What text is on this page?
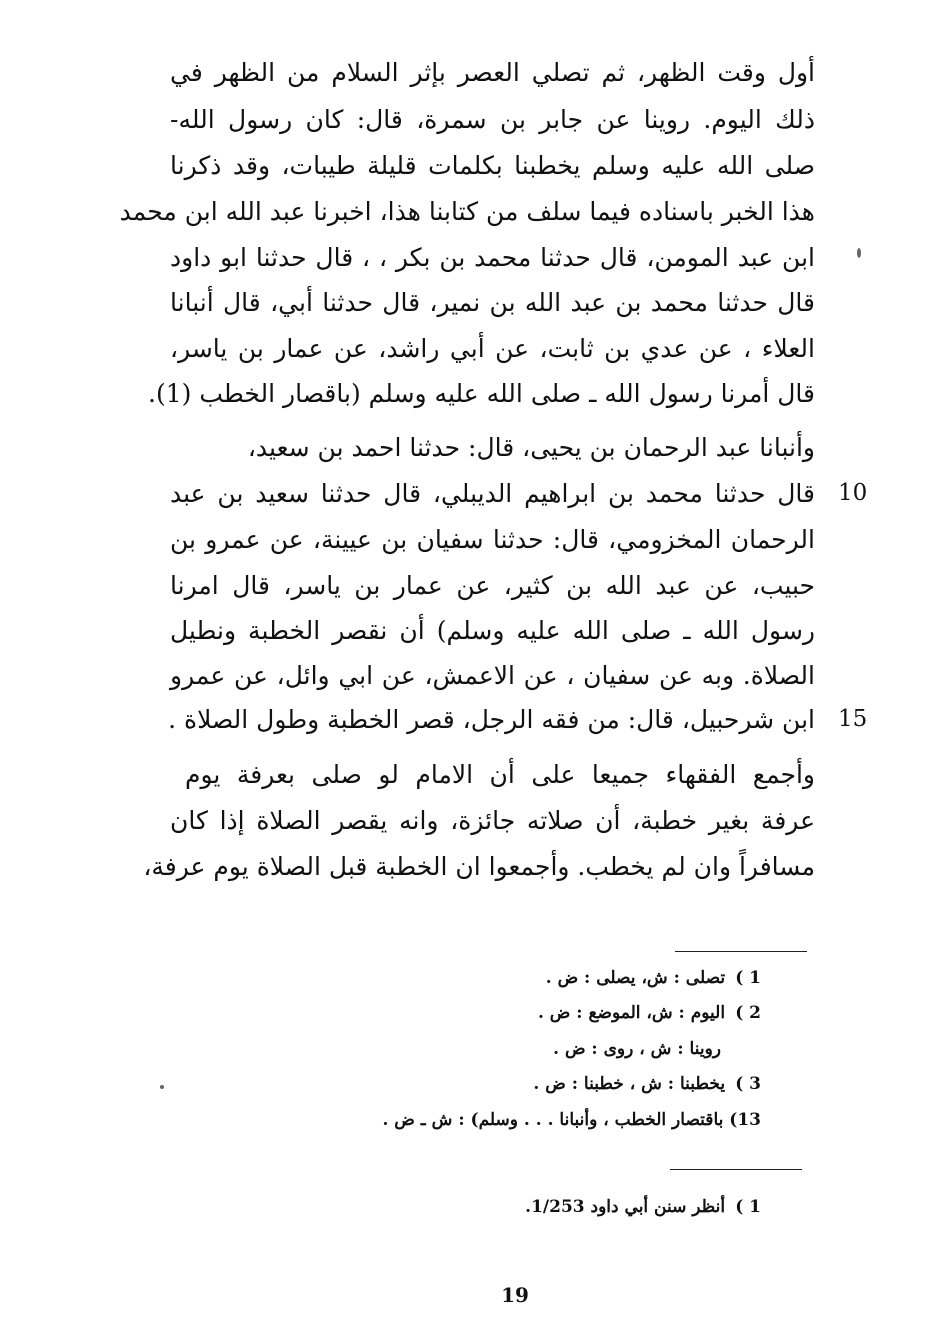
أول وقت الظهر، ثم تصلي العصر بإثر السلام من الظهر في
ذلك اليوم. روينا عن جابر بن سمرة، قال: كان رسول الله-
صلى الله عليه وسلم يخطبنا بكلمات قليلة طيبات، وقد ذكرنا
هذا الخبر باسناده فيما سلف من كتابنا هذا، اخبرنا عبد الله ابن محمد
ابن عبد المومن، قال حدثنا محمد بن بكر ، ، قال حدثنا ابو داود
قال حدثنا محمد بن عبد الله بن نمير، قال حدثنا أبي، قال أنبانا
العلاء ، عن عدي بن ثابت، عن أبي راشد، عن عمار بن ياسر،
قال أمرنا رسول الله ـ صلى الله عليه وسلم (باقصار الخطب (1).
وأنبانا عبد الرحمان بن يحيى، قال: حدثنا احمد بن سعيد،
قال حدثنا محمد بن ابراهيم الديبلي، قال حدثنا سعيد بن عبد
الرحمان المخزومي، قال: حدثنا سفيان بن عيينة، عن عمرو بن
حبيب، عن عبد الله بن كثير، عن عمار بن ياسر، قال امرنا
رسول الله ـ صلى الله عليه وسلم) أن نقصر الخطبة ونطيل
الصلاة. وبه عن سفيان ، عن الاعمش، عن ابي وائل، عن عمرو
ابن شرحبيل، قال: من فقه الرجل، قصر الخطبة وطول الصلاة .
وأجمع الفقهاء جميعا على أن الامام لو صلى بعرفة يوم
عرفة بغير خطبة، أن صلاته جائزة، وانه يقصر الصلاة إذا كان
مسافراً وان لم يخطب. وأجمعوا ان الخطبة قبل الصلاة يوم عرفة،
10
15
1 ) تصلى : ش، يصلى : ض .
2 ) اليوم : ش، الموضع : ض .
روينا : ش ، روى : ض .
3 ) يخطبنا : ش ، خطبنا : ض .
13) باقتصار الخطب ، وأنبانا . . . وسلم) : ش ـ ض .
1 ) أنظر سنن أبي داود 1/253.
19
